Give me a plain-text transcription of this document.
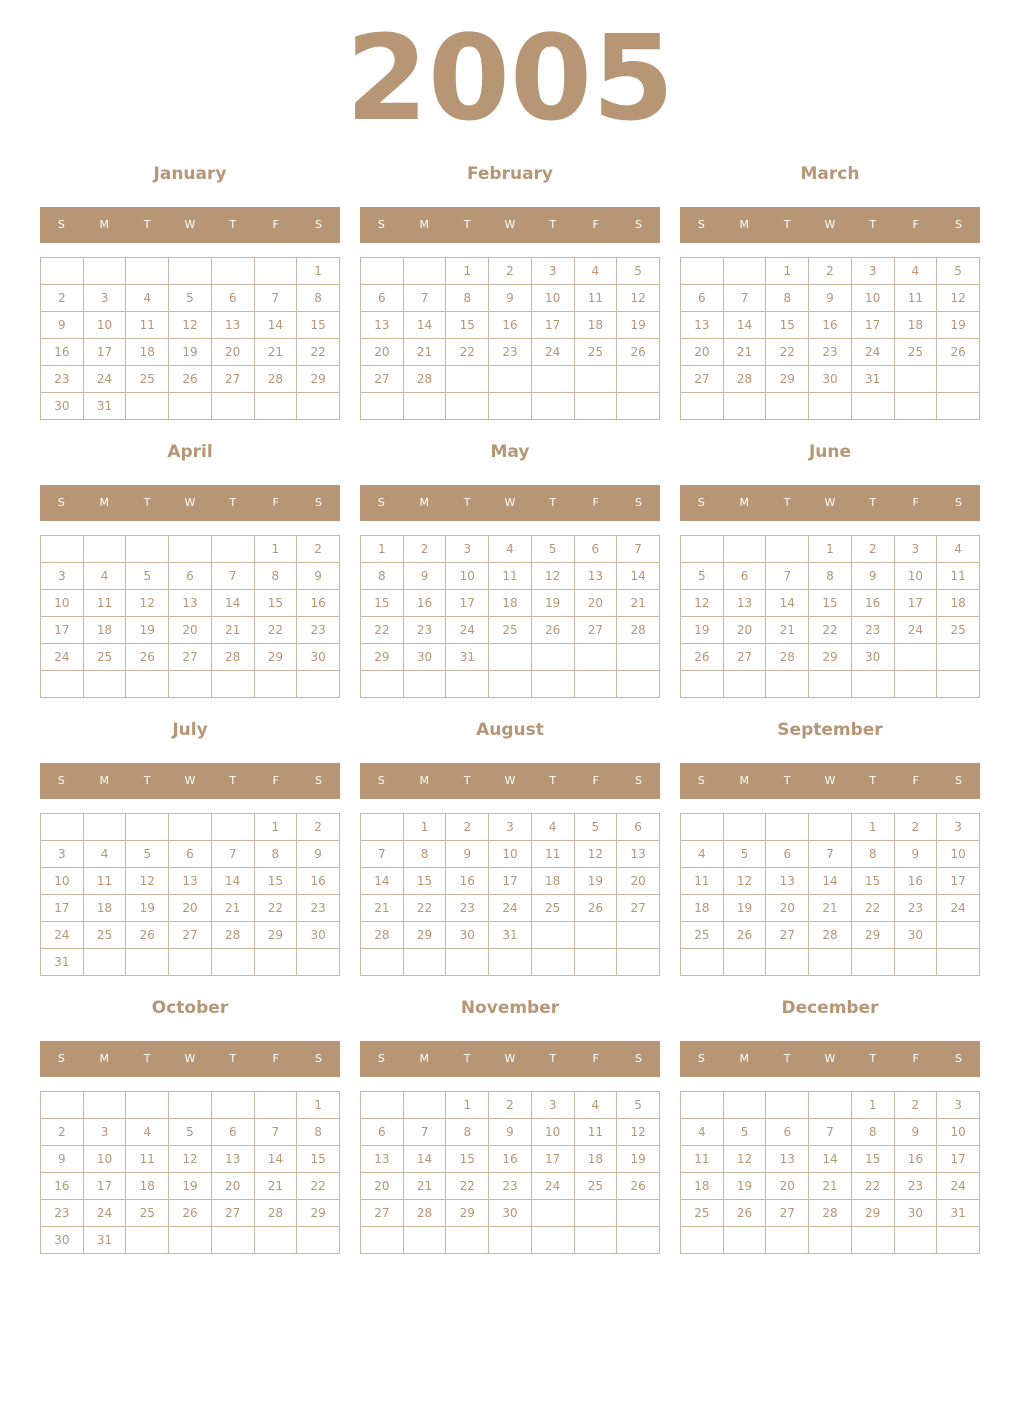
2005
January
S	M	T	W	T	F	S
						1
2	3	4	5	6	7	8
9	10	11	12	13	14	15
16	17	18	19	20	21	22
23	24	25	26	27	28	29
30	31					
February
S	M	T	W	T	F	S
		1	2	3	4	5
6	7	8	9	10	11	12
13	14	15	16	17	18	19
20	21	22	23	24	25	26
27	28					

March
S	M	T	W	T	F	S
		1	2	3	4	5
6	7	8	9	10	11	12
13	14	15	16	17	18	19
20	21	22	23	24	25	26
27	28	29	30	31		

April
S	M	T	W	T	F	S
					1	2
3	4	5	6	7	8	9
10	11	12	13	14	15	16
17	18	19	20	21	22	23
24	25	26	27	28	29	30

May
S	M	T	W	T	F	S
1	2	3	4	5	6	7
8	9	10	11	12	13	14
15	16	17	18	19	20	21
22	23	24	25	26	27	28
29	30	31				

June
S	M	T	W	T	F	S
			1	2	3	4
5	6	7	8	9	10	11
12	13	14	15	16	17	18
19	20	21	22	23	24	25
26	27	28	29	30		

July
S	M	T	W	T	F	S
					1	2
3	4	5	6	7	8	9
10	11	12	13	14	15	16
17	18	19	20	21	22	23
24	25	26	27	28	29	30
31						
August
S	M	T	W	T	F	S
	1	2	3	4	5	6
7	8	9	10	11	12	13
14	15	16	17	18	19	20
21	22	23	24	25	26	27
28	29	30	31			

September
S	M	T	W	T	F	S
				1	2	3
4	5	6	7	8	9	10
11	12	13	14	15	16	17
18	19	20	21	22	23	24
25	26	27	28	29	30	

October
S	M	T	W	T	F	S
						1
2	3	4	5	6	7	8
9	10	11	12	13	14	15
16	17	18	19	20	21	22
23	24	25	26	27	28	29
30	31					
November
S	M	T	W	T	F	S
		1	2	3	4	5
6	7	8	9	10	11	12
13	14	15	16	17	18	19
20	21	22	23	24	25	26
27	28	29	30			

December
S	M	T	W	T	F	S
				1	2	3
4	5	6	7	8	9	10
11	12	13	14	15	16	17
18	19	20	21	22	23	24
25	26	27	28	29	30	31
